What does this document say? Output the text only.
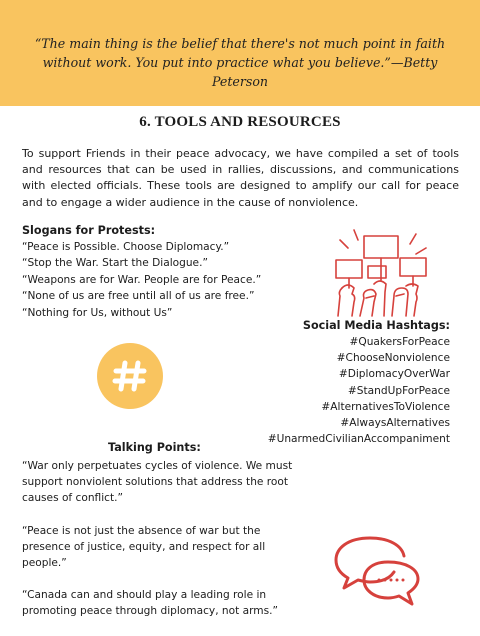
“The main thing is the belief that there's not much point in faith without work. You put into practice what you believe.”—Betty Peterson

6. TOOLS AND RESOURCES

To support Friends in their peace advocacy, we have compiled a set of tools and resources that can be used in rallies, discussions, and communications with elected officials. These tools are designed to amplify our call for peace and to engage a wider audience in the cause of nonviolence.

Slogans for Protests:
“Peace is Possible. Choose Diplomacy.”
“Stop the War. Start the Dialogue.”
“Weapons are for War. People are for Peace.”
“None of us are free until all of us are free.”
“Nothing for Us, without Us”
Social Media Hashtags:
#QuakersForPeace
#ChooseNonviolence
#DiplomacyOverWar
#StandUpForPeace
#AlternativesToViolence
#AlwaysAlternatives
#UnarmedCivilianAccompaniment
Talking Points:

“War only perpetuates cycles of violence. We must support nonviolent solutions that address the root causes of conflict.”

“Peace is not just the absence of war but the presence of justice, equity, and respect for all people.”

“Canada can and should play a leading role in promoting peace through diplomacy, not arms.”
